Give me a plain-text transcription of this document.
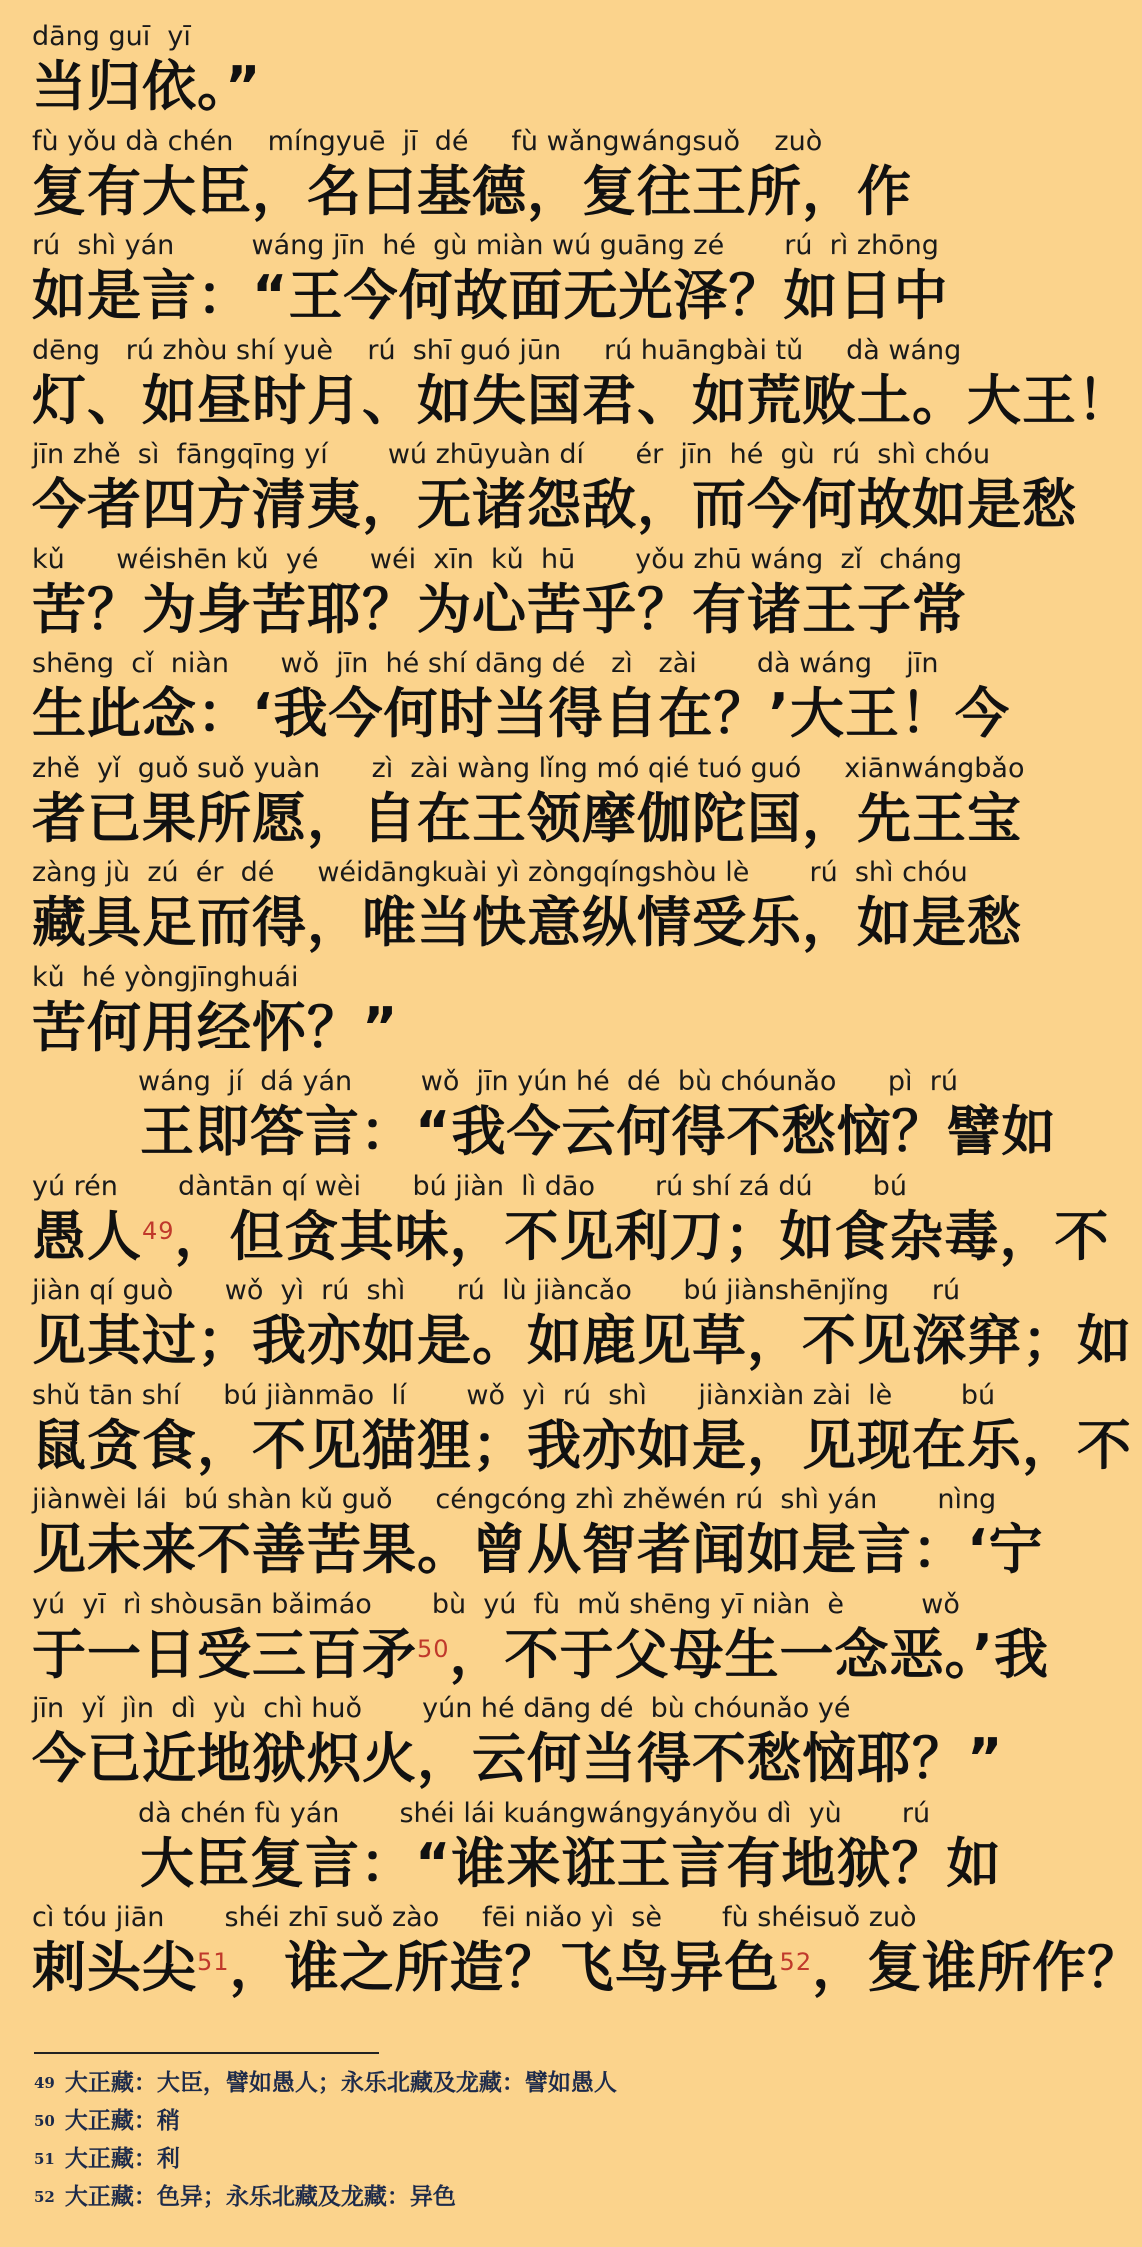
dāng guī  yī
当归依。”
fù yǒu dà chén    míngyuē  jī  dé     fù wǎngwángsuǒ    zuò
复有大臣，名曰基德，复往王所，作
rú  shì yán         wáng jīn  hé  gù miàn wú guāng zé       rú  rì zhōng
如是言：“王今何故面无光泽？如日中
dēng   rú zhòu shí yuè    rú  shī guó jūn     rú huāngbài tǔ     dà wáng
灯、如昼时月、如失国君、如荒败土。大王！
jīn zhě  sì  fāngqīng yí       wú zhūyuàn dí      ér  jīn  hé  gù  rú  shì chóu
今者四方清夷，无诸怨敌，而今何故如是愁
kǔ      wéishēn kǔ  yé      wéi  xīn  kǔ  hū       yǒu zhū wáng  zǐ  cháng
苦？为身苦耶？为心苦乎？有诸王子常
shēng  cǐ  niàn      wǒ  jīn  hé shí dāng dé   zì   zài       dà wáng    jīn
生此念：‘我今何时当得自在？’大王！今
zhě  yǐ  guǒ suǒ yuàn      zì  zài wàng lǐng mó qié tuó guó     xiānwángbǎo
者已果所愿，自在王领摩伽陀国，先王宝
zàng jù  zú  ér  dé     wéidāngkuài yì zòngqíngshòu lè       rú  shì chóu
藏具足而得，唯当快意纵情受乐，如是愁
kǔ  hé yòngjīnghuái
苦何用经怀？”
wáng  jí  dá yán        wǒ  jīn yún hé  dé  bù chóunǎo      pì  rú
王即答言：“我今云何得不愁恼？譬如
yú rén       dàntān qí wèi      bú jiàn  lì dāo       rú shí zá dú       bú
愚人$^{49}$，但贪其味，不见利刀；如食杂毒，不
jiàn qí guò      wǒ  yì  rú  shì      rú  lù jiàncǎo      bú jiànshēnjǐng     rú
见其过；我亦如是。如鹿见草，不见深穽；如
shǔ tān shí     bú jiànmāo  lí       wǒ  yì  rú  shì      jiànxiàn zài  lè        bú
鼠贪食，不见猫狸；我亦如是，见现在乐，不
jiànwèi lái  bú shàn kǔ guǒ     céngcóng zhì zhěwén rú  shì yán       nìng
见未来不善苦果。曾从智者闻如是言：‘宁
yú  yī  rì shòusān bǎimáo       bù  yú  fù  mǔ shēng yī niàn  è         wǒ
于一日受三百矛$^{50}$，不于父母生一念恶。’我
jīn  yǐ  jìn  dì  yù  chì huǒ       yún hé dāng dé  bù chóunǎo yé
今已近地狱炽火，云何当得不愁恼耶？”
dà chén fù yán       shéi lái kuángwángyányǒu dì  yù       rú
大臣复言：“谁来诳王言有地狱？如
cì tóu jiān       shéi zhī suǒ zào     fēi niǎo yì  sè       fù shéisuǒ zuò
刺头尖$^{51}$，谁之所造？飞鸟异色$^{52}$，复谁所作？
$^{49}$ 大正藏：大臣，譬如愚人；永乐北藏及龙藏：譬如愚人
$^{50}$ 大正藏：稍
$^{51}$ 大正藏：利
$^{52}$ 大正藏：色异；永乐北藏及龙藏：异色
